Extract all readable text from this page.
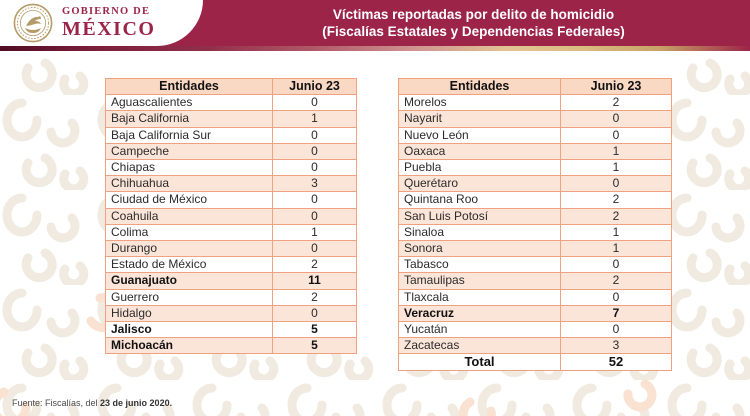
GOBIERNO DE
MÉXICO
Víctimas reportadas por delito de homicidio
(Fiscalías Estatales y Dependencias Federales)
Entidades	Junio 23
Aguascalientes	0
Baja California	1
Baja California Sur	0
Campeche	0
Chiapas	0
Chihuahua	3
Ciudad de México	0
Coahuila	0
Colima	1
Durango	0
Estado de México	2
Guanajuato	11
Guerrero	2
Hidalgo	0
Jalisco	5
Michoacán	5
Entidades	Junio 23
Morelos	2
Nayarit	0
Nuevo León	0
Oaxaca	1
Puebla	1
Querétaro	0
Quintana Roo	2
San Luis Potosí	2
Sinaloa	1
Sonora	1
Tabasco	0
Tamaulipas	2
Tlaxcala	0
Veracruz	7
Yucatán	0
Zacatecas	3
Total	52
Fuente: Fiscalías, del 23 de junio 2020.
